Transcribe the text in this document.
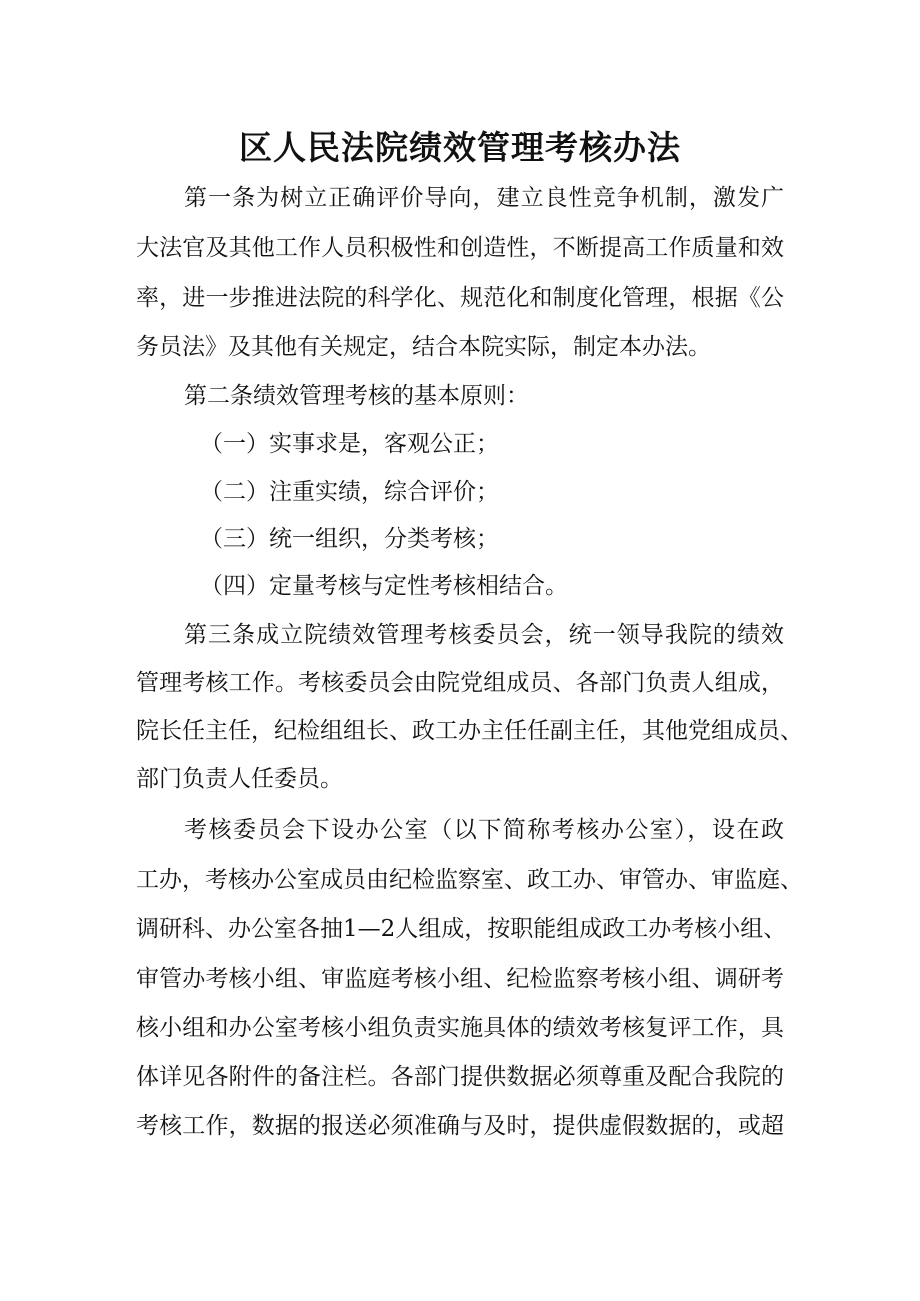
区人民法院绩效管理考核办法
第一条为树立正确评价导向，建立良性竞争机制，激发广
大法官及其他工作人员积极性和创造性，不断提高工作质量和效
率，进一步推进法院的科学化、规范化和制度化管理，根据《公
务员法》及其他有关规定，结合本院实际，制定本办法。
第二条绩效管理考核的基本原则：
（一）实事求是，客观公正；
（二）注重实绩，综合评价；
（三）统一组织，分类考核；
（四）定量考核与定性考核相结合。
第三条成立院绩效管理考核委员会，统一领导我院的绩效
管理考核工作。考核委员会由院党组成员、各部门负责人组成，
院长任主任，纪检组组长、政工办主任任副主任，其他党组成员、
部门负责人任委员。
考核委员会下设办公室（以下简称考核办公室），设在政
工办，考核办公室成员由纪检监察室、政工办、审管办、审监庭、
调研科、办公室各抽1—2人组成，按职能组成政工办考核小组、
审管办考核小组、审监庭考核小组、纪检监察考核小组、调研考
核小组和办公室考核小组负责实施具体的绩效考核复评工作，具
体详见各附件的备注栏。各部门提供数据必须尊重及配合我院的
考核工作，数据的报送必须准确与及时，提供虚假数据的，或超
